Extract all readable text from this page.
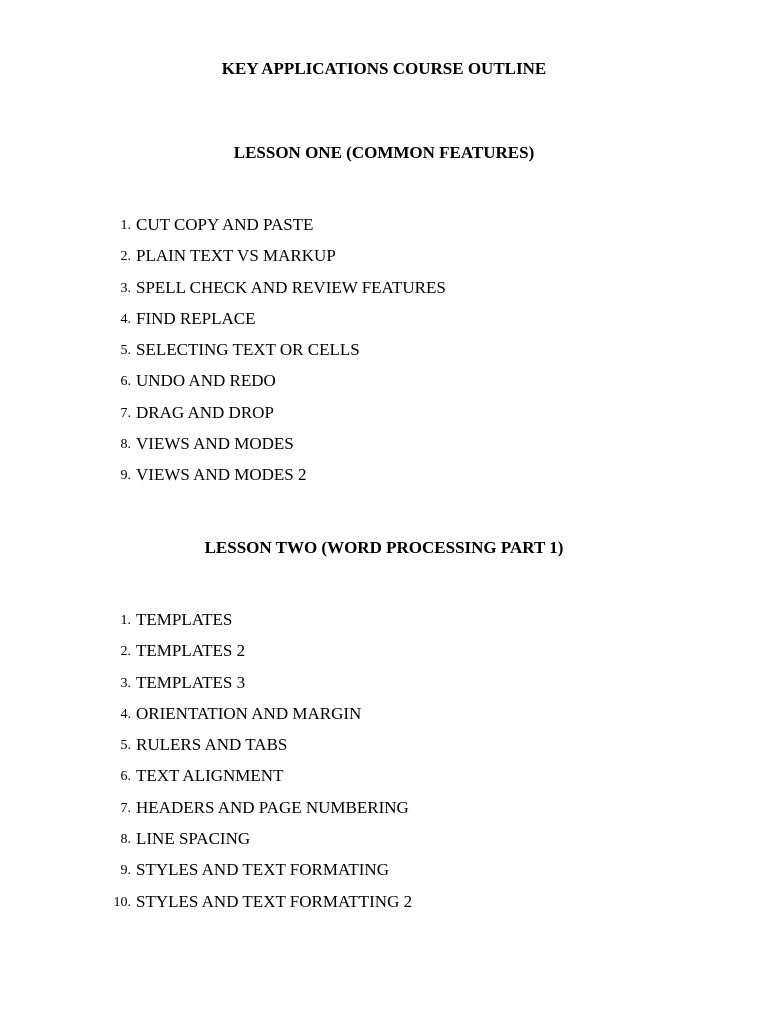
KEY APPLICATIONS COURSE OUTLINE
LESSON ONE (COMMON FEATURES)
1. CUT COPY AND PASTE
2. PLAIN TEXT VS MARKUP
3. SPELL CHECK AND REVIEW FEATURES
4. FIND REPLACE
5. SELECTING TEXT OR CELLS
6. UNDO AND REDO
7. DRAG AND DROP
8. VIEWS AND MODES
9. VIEWS AND MODES 2
LESSON TWO (WORD PROCESSING PART 1)
1. TEMPLATES
2. TEMPLATES 2
3. TEMPLATES 3
4. ORIENTATION AND MARGIN
5. RULERS AND TABS
6. TEXT ALIGNMENT
7. HEADERS AND PAGE NUMBERING
8. LINE SPACING
9. STYLES AND TEXT FORMATING
10. STYLES AND TEXT FORMATTING 2
